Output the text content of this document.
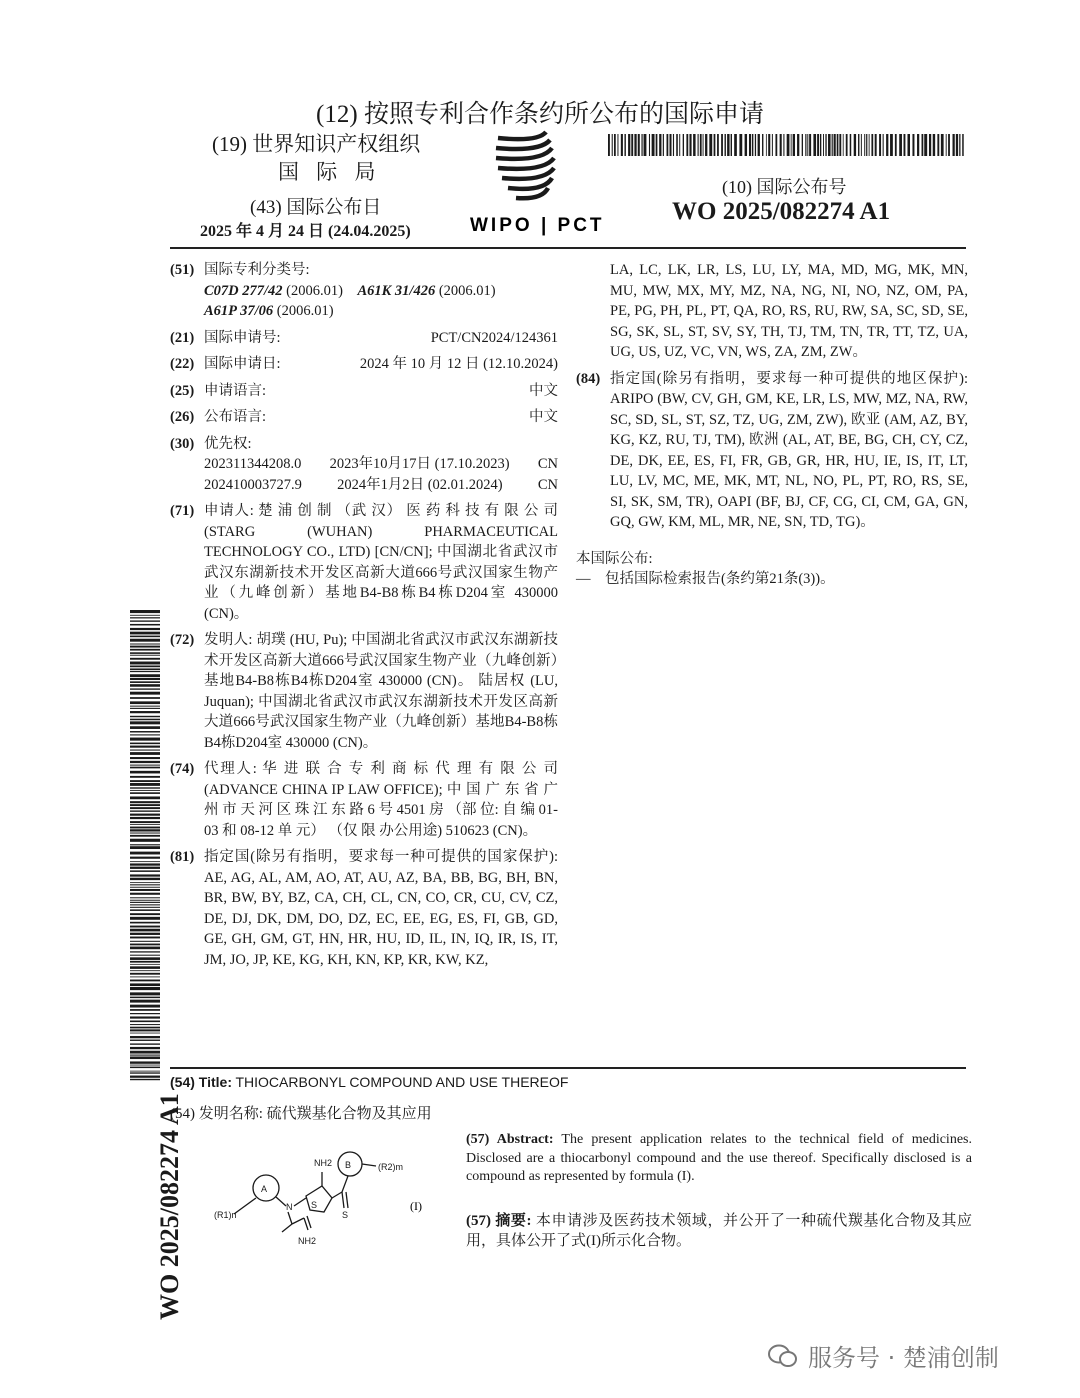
(12) 按照专利合作条约所公布的国际申请
(19) 世界知识产权组织
国 际 局
(43) 国际公布日
2025 年 4 月 24 日 (24.04.2025)	WIPO | PCT
(10) 国际公布号
WO 2025/082274 A1
(51) 国际专利分类号:
C07D 277/42 (2006.01) A61K 31/426 (2006.01)
A61P 37/06 (2006.01)
(21) 国际申请号:	PCT/CN2024/124361
(22) 国际申请日:	2024 年 10 月 12 日 (12.10.2024)
(25) 申请语言:	中文
(26) 公布语言:	中文
(30) 优先权:
202311344208.0 2023年10月17日 (17.10.2023) CN
202410003727.9 2024年1月2日 (02.01.2024) CN
(71) 申请人: 楚 浦 创 制 （武 汉） 医 药 科 技 有 限 公 司 (STARG (WUHAN) PHARMACEUTICAL TECHNOLOGY CO., LTD) [CN/CN]; 中国湖北省武汉市武汉东湖新技术开发区高新大道666号武汉国家生物产业（九峰创新）基地B4-B8栋B4栋D204室 430000 (CN)。
(72) 发明人: 胡璞 (HU, Pu); 中国湖北省武汉市武汉东湖新技术开发区高新大道666号武汉国家生物产业（九峰创新）基地B4-B8栋B4栋D204室 430000 (CN)。 陆居权 (LU, Juquan); 中国湖北省武汉市武汉东湖新技术开发区高新大道666号武汉国家生物产业（九峰创新）基地B4-B8栋B4栋D204室 430000 (CN)。
(74) 代理人: 华 进 联 合 专 利 商 标 代 理 有 限 公 司 (ADVANCE CHINA IP LAW OFFICE); 中 国 广 东 省 广 州 市 天 河 区 珠 江 东 路 6 号 4501 房 （部 位: 自 编 01-03 和 08-12 单 元） （仅 限 办公用途) 510623 (CN)。
(81) 指定国(除另有指明，要求每一种可提供的国家保护): AE, AG, AL, AM, AO, AT, AU, AZ, BA, BB, BG, BH, BN, BR, BW, BY, BZ, CA, CH, CL, CN, CO, CR, CU, CV, CZ, DE, DJ, DK, DM, DO, DZ, EC, EE, EG, ES, FI, GB, GD, GE, GH, GM, GT, HN, HR, HU, ID, IL, IN, IQ, IR, IS, IT, JM, JO, JP, KE, KG, KH, KN, KP, KR, KW, KZ,
LA, LC, LK, LR, LS, LU, LY, MA, MD, MG, MK, MN, MU, MW, MX, MY, MZ, NA, NG, NI, NO, NZ, OM, PA, PE, PG, PH, PL, PT, QA, RO, RS, RU, RW, SA, SC, SD, SE, SG, SK, SL, ST, SV, SY, TH, TJ, TM, TN, TR, TT, TZ, UA, UG, US, UZ, VC, VN, WS, ZA, ZM, ZW。
(84) 指定国(除另有指明，要求每一种可提供的地区保护): ARIPO (BW, CV, GH, GM, KE, LR, LS, MW, MZ, NA, RW, SC, SD, SL, ST, SZ, TZ, UG, ZM, ZW), 欧亚 (AM, AZ, BY, KG, KZ, RU, TJ, TM), 欧洲 (AL, AT, BE, BG, CH, CY, CZ, DE, DK, EE, ES, FI, FR, GB, GR, HR, HU, IE, IS, IT, LT, LU, LV, MC, ME, MK, MT, NL, NO, PL, PT, RO, RS, SE, SI, SK, SM, TR), OAPI (BF, BJ, CF, CG, CI, CM, GA, GN, GQ, GW, KM, ML, MR, NE, SN, TD, TG)。
本国际公布:
—　包括国际检索报告(条约第21条(3))。
WO 2025/082274 A1
(54) Title: THIOCARBONYL COMPOUND AND USE THEREOF
(54) 发明名称: 硫代羰基化合物及其应用
A
B
(R1)n
(R2)m
NH2
NH2
N S
S
(I)
(57) Abstract: The present application relates to the technical field of medicines. Disclosed are a thiocarbonyl compound and the use thereof. Specifically disclosed is a compound as represented by formula (I).
(57) 摘要: 本申请涉及医药技术领域，并公开了一种硫代羰基化合物及其应用，具体公开了式(I)所示化合物。
服务号 · 楚浦创制
